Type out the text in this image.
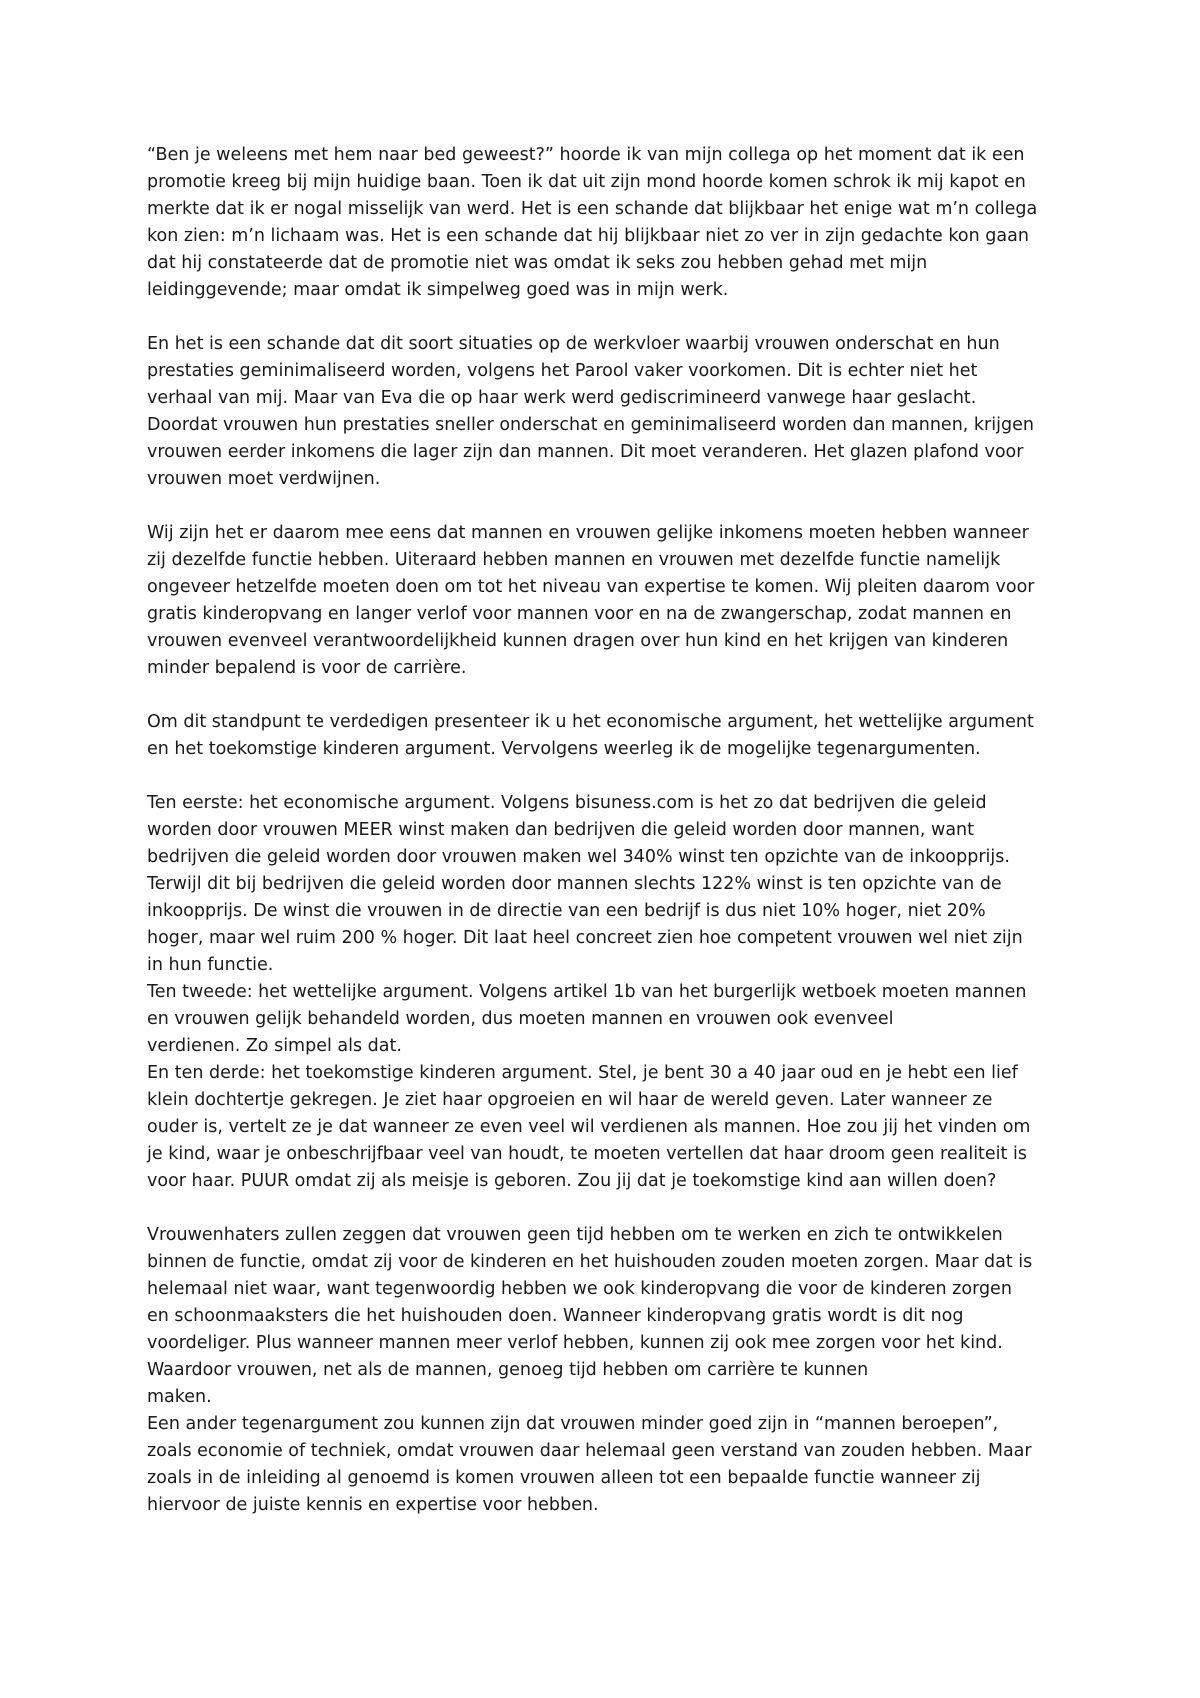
“Ben je weleens met hem naar bed geweest?” hoorde ik van mijn collega op het moment dat ik een
promotie kreeg bij mijn huidige baan. Toen ik dat uit zijn mond hoorde komen schrok ik mij kapot en
merkte dat ik er nogal misselijk van werd. Het is een schande dat blijkbaar het enige wat m’n collega
kon zien: m’n lichaam was. Het is een schande dat hij blijkbaar niet zo ver in zijn gedachte kon gaan
dat hij constateerde dat de promotie niet was omdat ik seks zou hebben gehad met mijn
leidinggevende; maar omdat ik simpelweg goed was in mijn werk.
En het is een schande dat dit soort situaties op de werkvloer waarbij vrouwen onderschat en hun
prestaties geminimaliseerd worden, volgens het Parool vaker voorkomen. Dit is echter niet het
verhaal van mij. Maar van Eva die op haar werk werd gediscrimineerd vanwege haar geslacht.
Doordat vrouwen hun prestaties sneller onderschat en geminimaliseerd worden dan mannen, krijgen
vrouwen eerder inkomens die lager zijn dan mannen. Dit moet veranderen. Het glazen plafond voor
vrouwen moet verdwijnen.
Wij zijn het er daarom mee eens dat mannen en vrouwen gelijke inkomens moeten hebben wanneer
zij dezelfde functie hebben. Uiteraard hebben mannen en vrouwen met dezelfde functie namelijk
ongeveer hetzelfde moeten doen om tot het niveau van expertise te komen. Wij pleiten daarom voor
gratis kinderopvang en langer verlof voor mannen voor en na de zwangerschap, zodat mannen en
vrouwen evenveel verantwoordelijkheid kunnen dragen over hun kind en het krijgen van kinderen
minder bepalend is voor de carrière.
Om dit standpunt te verdedigen presenteer ik u het economische argument, het wettelijke argument
en het toekomstige kinderen argument. Vervolgens weerleg ik de mogelijke tegenargumenten.
Ten eerste: het economische argument. Volgens bisuness.com is het zo dat bedrijven die geleid
worden door vrouwen MEER winst maken dan bedrijven die geleid worden door mannen, want
bedrijven die geleid worden door vrouwen maken wel 340% winst ten opzichte van de inkoopprijs.
Terwijl dit bij bedrijven die geleid worden door mannen slechts 122% winst is ten opzichte van de
inkoopprijs. De winst die vrouwen in de directie van een bedrijf is dus niet 10% hoger, niet 20%
hoger, maar wel ruim 200 % hoger. Dit laat heel concreet zien hoe competent vrouwen wel niet zijn
in hun functie.
Ten tweede: het wettelijke argument. Volgens artikel 1b van het burgerlijk wetboek moeten mannen
en vrouwen gelijk behandeld worden, dus moeten mannen en vrouwen ook evenveel
verdienen. Zo simpel als dat.
En ten derde: het toekomstige kinderen argument. Stel, je bent 30 a 40 jaar oud en je hebt een lief
klein dochtertje gekregen. Je ziet haar opgroeien en wil haar de wereld geven. Later wanneer ze
ouder is, vertelt ze je dat wanneer ze even veel wil verdienen als mannen. Hoe zou jij het vinden om
je kind, waar je onbeschrijfbaar veel van houdt, te moeten vertellen dat haar droom geen realiteit is
voor haar. PUUR omdat zij als meisje is geboren. Zou jij dat je toekomstige kind aan willen doen?
Vrouwenhaters zullen zeggen dat vrouwen geen tijd hebben om te werken en zich te ontwikkelen
binnen de functie, omdat zij voor de kinderen en het huishouden zouden moeten zorgen. Maar dat is
helemaal niet waar, want tegenwoordig hebben we ook kinderopvang die voor de kinderen zorgen
en schoonmaaksters die het huishouden doen. Wanneer kinderopvang gratis wordt is dit nog
voordeliger. Plus wanneer mannen meer verlof hebben, kunnen zij ook mee zorgen voor het kind.
Waardoor vrouwen, net als de mannen, genoeg tijd hebben om carrière te kunnen
maken.
Een ander tegenargument zou kunnen zijn dat vrouwen minder goed zijn in “mannen beroepen”,
zoals economie of techniek, omdat vrouwen daar helemaal geen verstand van zouden hebben. Maar
zoals in de inleiding al genoemd is komen vrouwen alleen tot een bepaalde functie wanneer zij
hiervoor de juiste kennis en expertise voor hebben.
